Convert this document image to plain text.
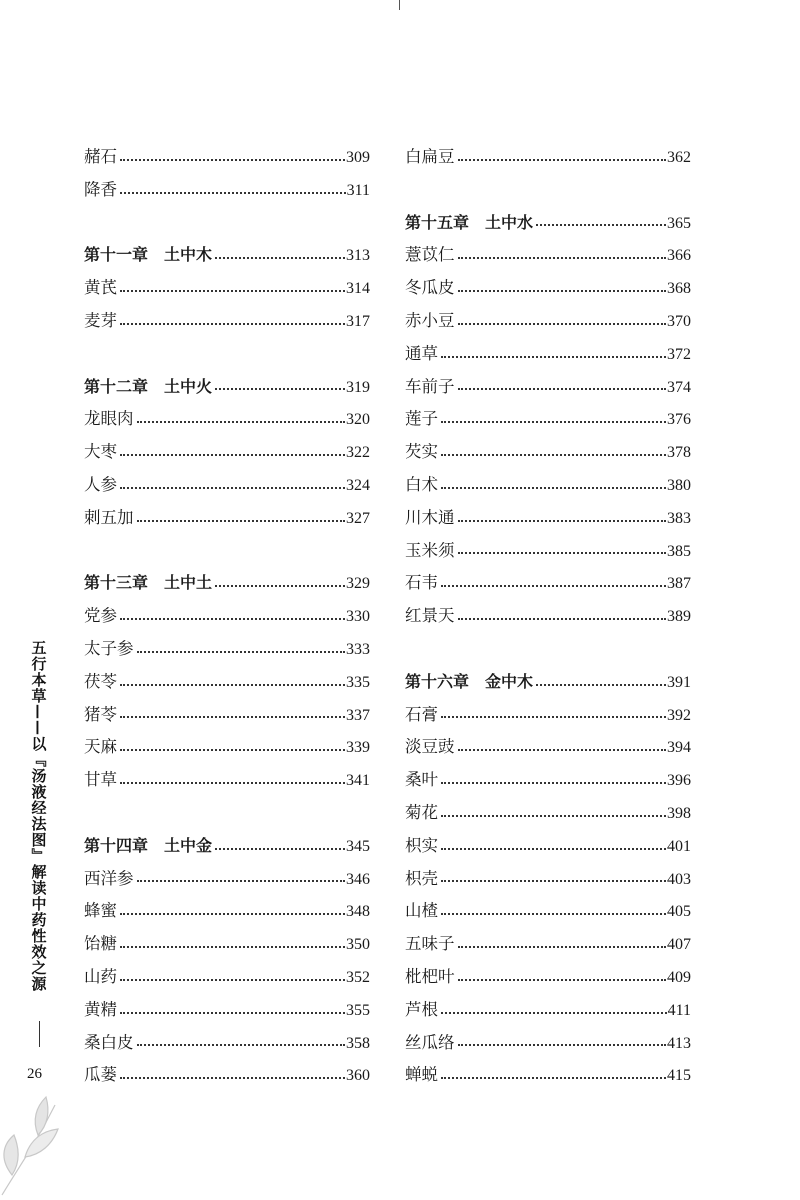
赭石	309
降香	311
第十一章　土中木	313
黄芪	314
麦芽	317
第十二章　土中火	319
龙眼肉	320
大枣	322
人参	324
刺五加	327
第十三章　土中土	329
党参	330
太子参	333
茯苓	335
猪苓	337
天麻	339
甘草	341
第十四章　土中金	345
西洋参	346
蜂蜜	348
饴糖	350
山药	352
黄精	355
桑白皮	358
瓜蒌	360
白扁豆	362
第十五章　土中水	365
薏苡仁	366
冬瓜皮	368
赤小豆	370
通草	372
车前子	374
莲子	376
芡实	378
白术	380
川木通	383
玉米须	385
石韦	387
红景天	389
第十六章　金中木	391
石膏	392
淡豆豉	394
桑叶	396
菊花	398
枳实	401
枳壳	403
山楂	405
五味子	407
枇杷叶	409
芦根	411
丝瓜络	413
蝉蜕	415
五行本草——以『汤液经法图』解读中药性效之源
26
